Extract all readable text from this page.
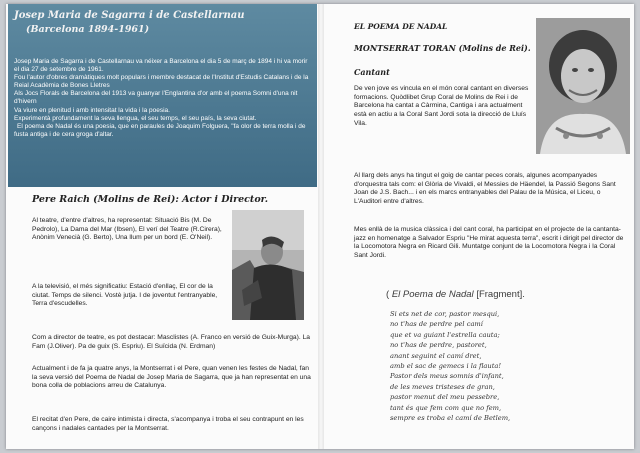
Josep Maria de Sagarra i de Castellarnau
(Barcelona 1894-1961)

Josep Maria de Sagarra i de Castellarnau va néixer a Barcelona el dia 5 de març de 1894 i hi va morir el dia 27 de setembre de 1961.

Fou l'autor d'obres dramàtiques molt populars i membre destacat de l'Institut d'Estudis Catalans i de la Reial Acadèmia de Bones Lletres

Als Jocs Florals de Barcelona del 1913 va guanyar l'Englantina d'or amb el poema Somni d'una nit d'hivern

Va viure en plenitud i amb intensitat la vida i la poesia.

Experimentà profundament la seva llengua, el seu temps, el seu país, la seva ciutat.

El poema de Nadal és una poesia, que en paraules de Joaquim Folguera, "fa olor de terra molla i de fusta antiga i de cera groga d'altar.

Pere Raich (Molins de Rei): Actor i Director.
Al teatre, d'entre d'altres, ha representat: Situació Bis (M. De Pedrolo), La Dama del Mar (Ibsen), El verí del Teatre (R.Cirera), Anònim Venecià (G. Berto), Una llum per un bord (E. O'Neil).
A la televisió, el més significatiu: Estació d'enllaç, El cor de la ciutat. Temps de silenci. Vostè jutja. I de joventut l'entranyable, Terra d'escudelles.
Com a director de teatre, es pot destacar: Masclistes (A. Franco en versió de Guix-Murga). La Fam (J.Oliver). Pa de guix (S. Espriu). El Suïcida (N. Erdman)
Actualment i de fa ja quatre anys, la Montserrat i el Pere, quan venen les festes de Nadal, fan la seva versió del Poema de Nadal de Josep Maria de Sagarra, que ja han representat en una bona colla de poblacions arreu de Catalunya.
El recitat d'en Pere, de caire intimista i directa, s'acompanya i troba el seu contrapunt en les cançons i nadales cantades per la Montserrat.
EL POEMA DE NADAL
MONTSERRAT TORAN (Molins de Rei).
Cantant
De ven jove es vincula en el món coral cantant en diverses formacions. Quòdlibet Grup Coral de Molins de Rei i de Barcelona ha cantat a Càrmina, Cantiga i ara actualment està en actiu a la Coral Sant Jordi sota la direcció de Lluís Vila.
Al llarg dels anys ha tingut el goig de cantar peces corals, algunes acompanyades d'orquestra tals com: el Glòria de Vivaldi, el Messies de Häendel, la Passió Segons Sant Joan de J.S. Bach... i en els marcs entranyables del Palau de la Música, el Liceu, o L'Auditori entre d'altres.
Mes enllà de la musica clàssica i del cant coral, ha participat en el projecte de la cantanta-jazz en homenatge a Salvador Espriu "He mirat aquesta terra", escrit i dirigit pel director de la Locomotora Negra en Ricard Gili. Muntatge conjunt de la Locomotora Negra i la Coral Sant Jordi.
( El Poema de Nadal [Fragment].
Si ets net de cor, pastor mesqui,
no t'has de perdre pel camí
que et va guiant l'estrella cauta;
no t'has de perdre, pastoret,
anant seguint el camí dret,
amb el sac de gemecs i la flauta!
Pastor dels meus somnis d'infant,
de les meves tristeses de gran,
pastor menut del meu pessebre,
tant és que fem com que no fem,
sempre es troba el camí de Betlem,
